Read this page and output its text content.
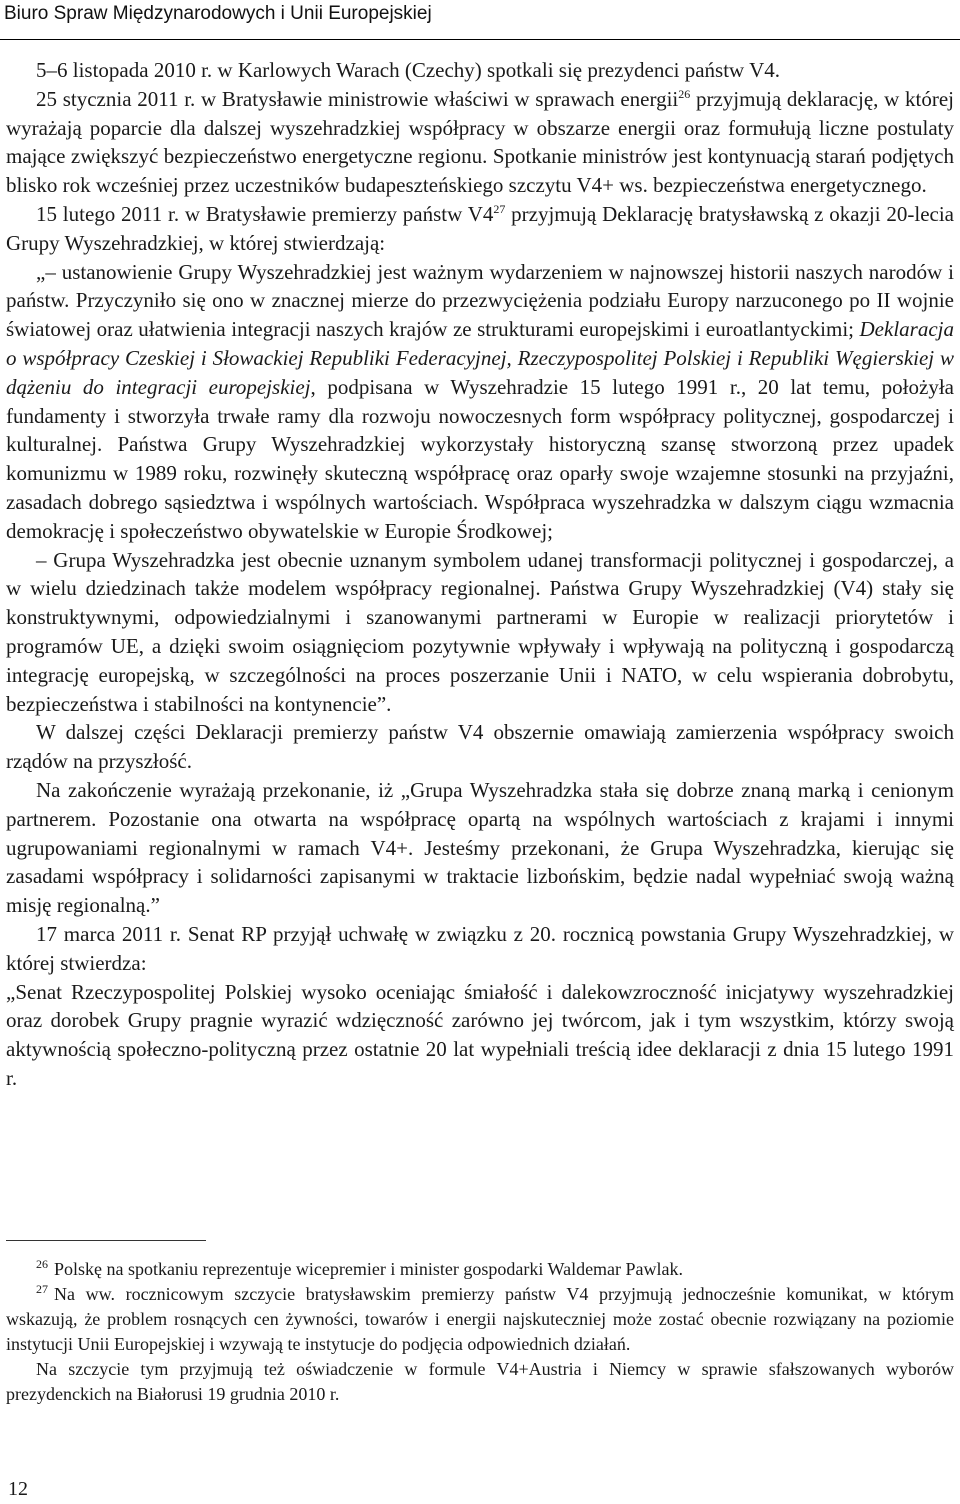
Biuro Spraw Międzynarodowych i Unii Europejskiej

5–6 listopada 2010 r. w Karlowych Warach (Czechy) spotkali się prezydenci państw V4.

25 stycznia 2011 r. w Bratysławie ministrowie właściwi w sprawach energii$^{26}$ przyjmują deklarację, w której wyrażają poparcie dla dalszej wyszehradzkiej współpracy w obszarze energii oraz formułują liczne postulaty mające zwiększyć bezpieczeństwo energetyczne regionu. Spotkanie ministrów jest kontynuacją starań podjętych blisko rok wcześniej przez uczestników budapeszteńskiego szczytu V4+ ws. bezpieczeństwa energetycznego.

15 lutego 2011 r. w Bratysławie premierzy państw $V4^{27}$ przyjmują Deklarację bratysławską z okazji 20-lecia Grupy Wyszehradzkiej, w której stwierdzają:

„– ustanowienie Grupy Wyszehradzkiej jest ważnym wydarzeniem w najnowszej historii naszych narodów i państw. Przyczyniło się ono w znacznej mierze do przezwyciężenia podziału Europy narzuconego po II wojnie światowej oraz ułatwienia integracji naszych krajów ze strukturami europejskimi i euroatlantyckimi; Deklaracja o współpracy Czeskiej i Słowackiej Republiki Federacyjnej, Rzeczypospolitej Polskiej i Republiki Węgierskiej w dążeniu do integracji europejskiej, podpisana w Wyszehradzie 15 lutego 1991 r., 20 lat temu, położyła fundamenty i stworzyła trwałe ramy dla rozwoju nowoczesnych form współpracy politycznej, gospodarczej i kulturalnej. Państwa Grupy Wyszehradzkiej wykorzystały historyczną szansę stworzoną przez upadek komunizmu w 1989 roku, rozwinęły skuteczną współpracę oraz oparły swoje wzajemne stosunki na przyjaźni, zasadach dobrego sąsiedztwa i wspólnych wartościach. Współpraca wyszehradzka w dalszym ciągu wzmacnia demokrację i społeczeństwo obywatelskie w Europie Środkowej;

– Grupa Wyszehradzka jest obecnie uznanym symbolem udanej transformacji politycznej i gospodarczej, a w wielu dziedzinach także modelem współpracy regionalnej. Państwa Grupy Wyszehradzkiej (V4) stały się konstruktywnymi, odpowiedzialnymi i szanowanymi partnerami w Europie w realizacji priorytetów i programów UE, a dzięki swoim osiągnięciom pozytywnie wpływały i wpływają na polityczną i gospodarczą integrację europejską, w szczególności na proces poszerzanie Unii i NATO, w celu wspierania dobrobytu, bezpieczeństwa i stabilności na kontynencie”.

W dalszej części Deklaracji premierzy państw V4 obszernie omawiają zamierzenia współpracy swoich rządów na przyszłość.

Na zakończenie wyrażają przekonanie, iż „Grupa Wyszehradzka stała się dobrze znaną marką i cenionym partnerem. Pozostanie ona otwarta na współpracę opartą na wspólnych wartościach z krajami i innymi ugrupowaniami regionalnymi w ramach V4+. Jesteśmy przekonani, że Grupa Wyszehradzka, kierując się zasadami współpracy i solidarności zapisanymi w traktacie lizbońskim, będzie nadal wypełniać swoją ważną misję regionalną.”

17 marca 2011 r. Senat RP przyjął uchwałę w związku z 20. rocznicą powstania Grupy Wyszehradzkiej, w której stwierdza:

„Senat Rzeczypospolitej Polskiej wysoko oceniając śmiałość i dalekowzroczność inicjatywy wyszehradzkiej oraz dorobek Grupy pragnie wyrazić wdzięczność zarówno jej twórcom, jak i tym wszystkim, którzy swoją aktywnością społeczno-polityczną przez ostatnie 20 lat wypełniali treścią idee deklaracji z dnia 15 lutego 1991 r.

$^{26}$ Polskę na spotkaniu reprezentuje wicepremier i minister gospodarki Waldemar Pawlak.

$^{27}$ Na ww. rocznicowym szczycie bratysławskim premierzy państw V4 przyjmują jednocześnie komunikat, w którym wskazują, że problem rosnących cen żywności, towarów i energii najskuteczniej może zostać obecnie rozwiązany na poziomie instytucji Unii Europejskiej i wzywają te instytucje do podjęcia odpowiednich działań.

Na szczycie tym przyjmują też oświadczenie w formule V4+Austria i Niemcy w sprawie sfałszowanych wyborów prezydenckich na Białorusi 19 grudnia 2010 r.

12
